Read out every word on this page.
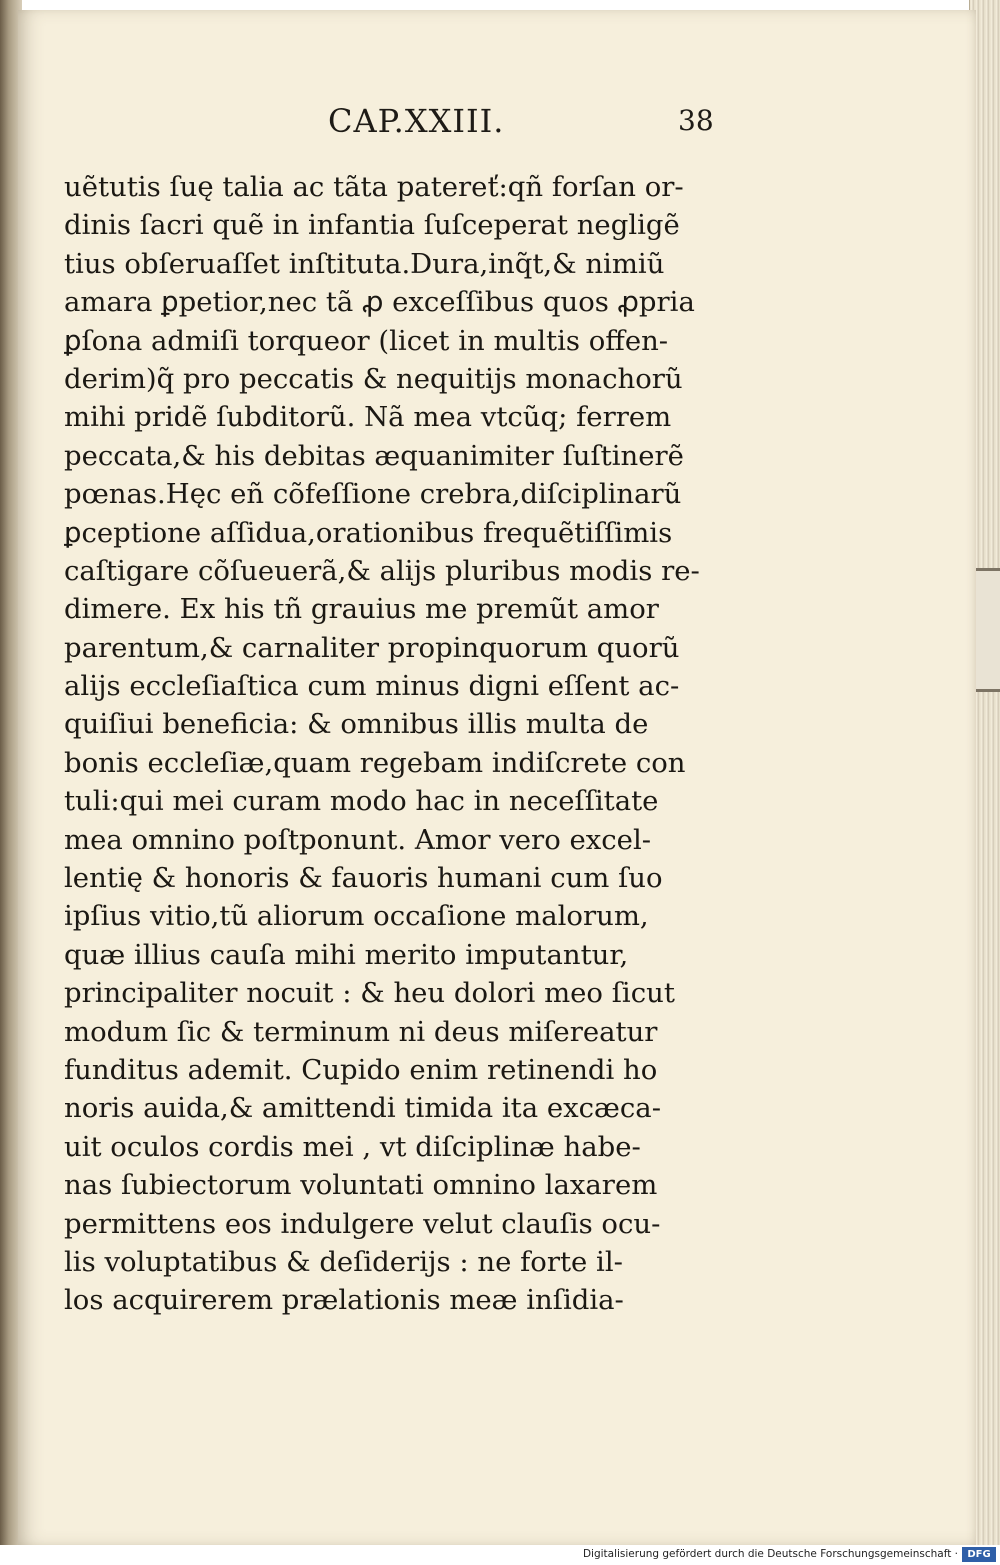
CAP.XXIII.	38
uẽtutis ſuę talia ac tãta patereť:qñ forſan or-
dinis ſacri quẽ in infantia ſuſceperat negligẽ
tius obſeruaſſet inſtituta.Dura,inq̃t,& nimiũ
amara ꝑpetior,nec tã ꝓ exceſſibus quos ꝓpria
ꝑſona admiſi torqueor (licet in multis offen-
derim)q̃ pro peccatis & nequitijs monachorũ
mihi pridẽ ſubditorũ. Nã mea vtcũq; ferrem
peccata,& his debitas æquanimiter ſuſtinerẽ
pœnas.Hęc eñ cõfeſſione crebra,diſciplinarũ
ꝑceptione aſſidua,orationibus frequẽtiſſimis
caſtigare cõſueuerã,& alijs pluribus modis re-
dimere. Ex his tñ grauius me premũt amor
parentum,& carnaliter propinquorum quorũ
alijs eccleſiaſtica cum minus digni eſſent ac-
quiſiui beneficia: & omnibus illis multa de
bonis eccleſiæ,quam regebam indiſcrete con
tuli:qui mei curam modo hac in neceſſitate
mea omnino poſtponunt. Amor vero excel-
lentię & honoris & fauoris humani cum ſuo
ipſius vitio,tũ aliorum occaſione malorum,
quæ illius cauſa mihi merito imputantur,
principaliter nocuit : & heu dolori meo ſicut
modum ſic & terminum ni deus miſereatur
funditus ademit. Cupido enim retinendi ho
noris auida,& amittendi timida ita excæca-
uit oculos cordis mei , vt diſciplinæ habe-
nas ſubiectorum voluntati omnino laxarem
permittens eos indulgere velut clauſis ocu-
lis voluptatibus & deſiderijs : ne forte il-
los acquirerem prælationis meæ inſidia-
Digitalisierung gefördert durch die Deutsche Forschungsgemeinschaft · DFG
